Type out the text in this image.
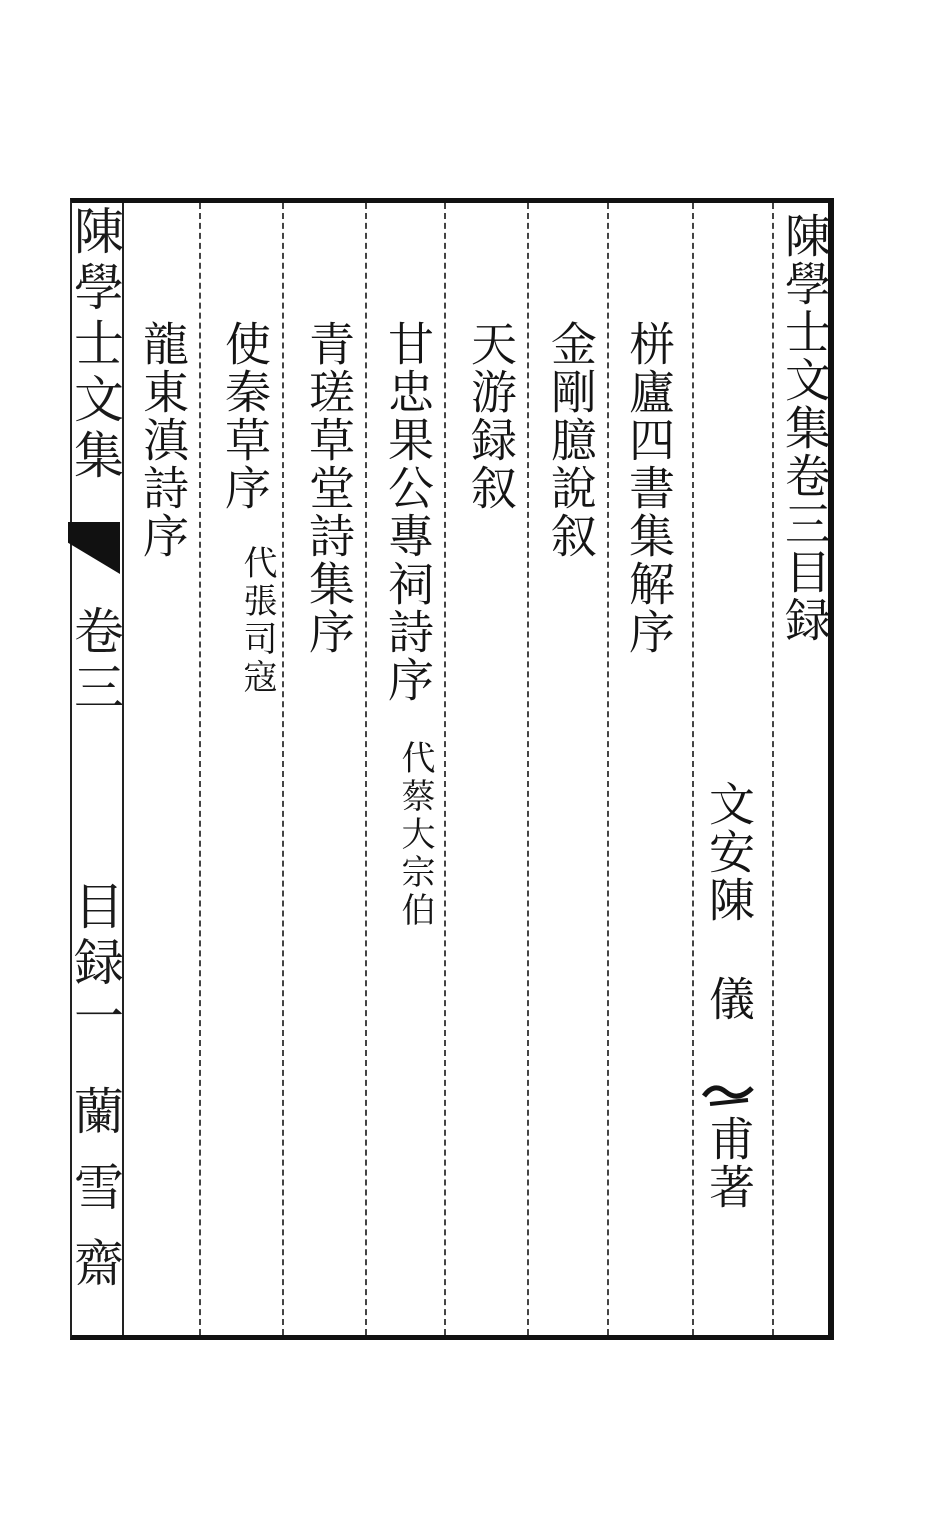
陳學士文集
卷三
目録
一
蘭雪齋
陳學士文集卷三目録
文安陳
儀
甫著
栟廬四書集解序
金剛臆說叙
天游録叙
甘忠果公專祠詩序
代蔡大宗伯
青瑳草堂詩集序
使秦草序
代張司寇
龍東滇詩序
